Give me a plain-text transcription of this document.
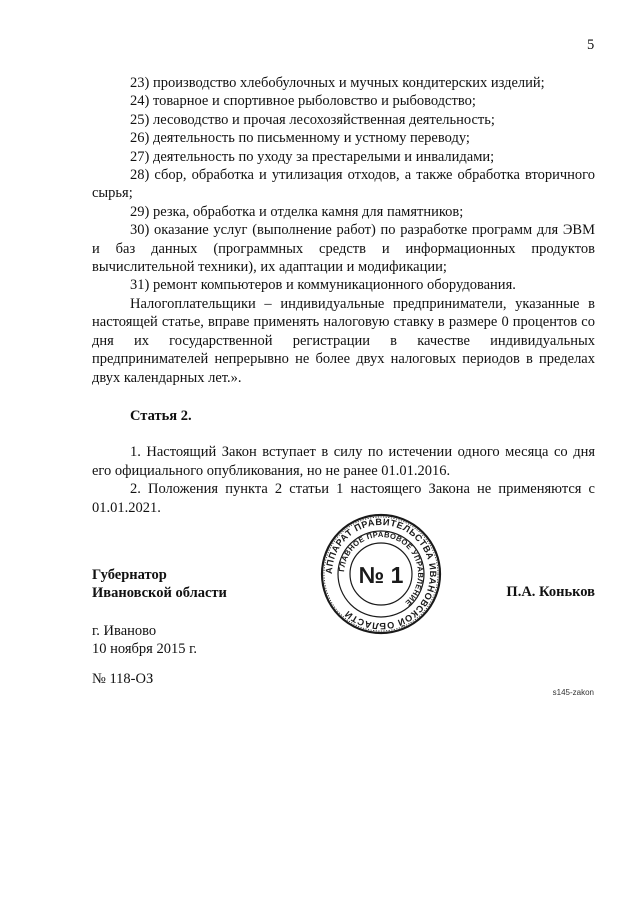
5

23) производство хлебобулочных и мучных кондитерских изделий;

24) товарное и спортивное рыболовство и рыбоводство;

25) лесоводство и прочая лесохозяйственная деятельность;

26) деятельность по письменному и устному переводу;

27) деятельность по уходу за престарелыми и инвалидами;

28) сбор, обработка и утилизация отходов, а также обработка вторичного сырья;

29) резка, обработка и отделка камня для памятников;

30) оказание услуг (выполнение работ) по разработке программ для ЭВМ и баз данных (программных средств и информационных продуктов вычислительной техники), их адаптации и модификации;

31) ремонт компьютеров и коммуникационного оборудования.

Налогоплательщики – индивидуальные предприниматели, указанные в настоящей статье, вправе применять налоговую ставку в размере 0 процентов со дня их государственной регистрации в качестве индивидуальных предпринимателей непрерывно не более двух налоговых периодов в пределах двух календарных лет.».

Статья 2.

1. Настоящий Закон вступает в силу по истечении одного месяца со дня его официального опубликования, но не ранее 01.01.2016.

2. Положения пункта 2 статьи 1 настоящего Закона не применяются с 01.01.2021.

Губернатор
Ивановской области
АППАРАТ ПРАВИТЕЛЬСТВА ИВАНОВСКОЙ ОБЛАСТИ
ГЛАВНОЕ ПРАВОВОЕ УПРАВЛЕНИЕ
№ 1
П.А. Коньков
г. Иваново
10 ноября 2015 г.
№ 118-ОЗ
s145-zakon
